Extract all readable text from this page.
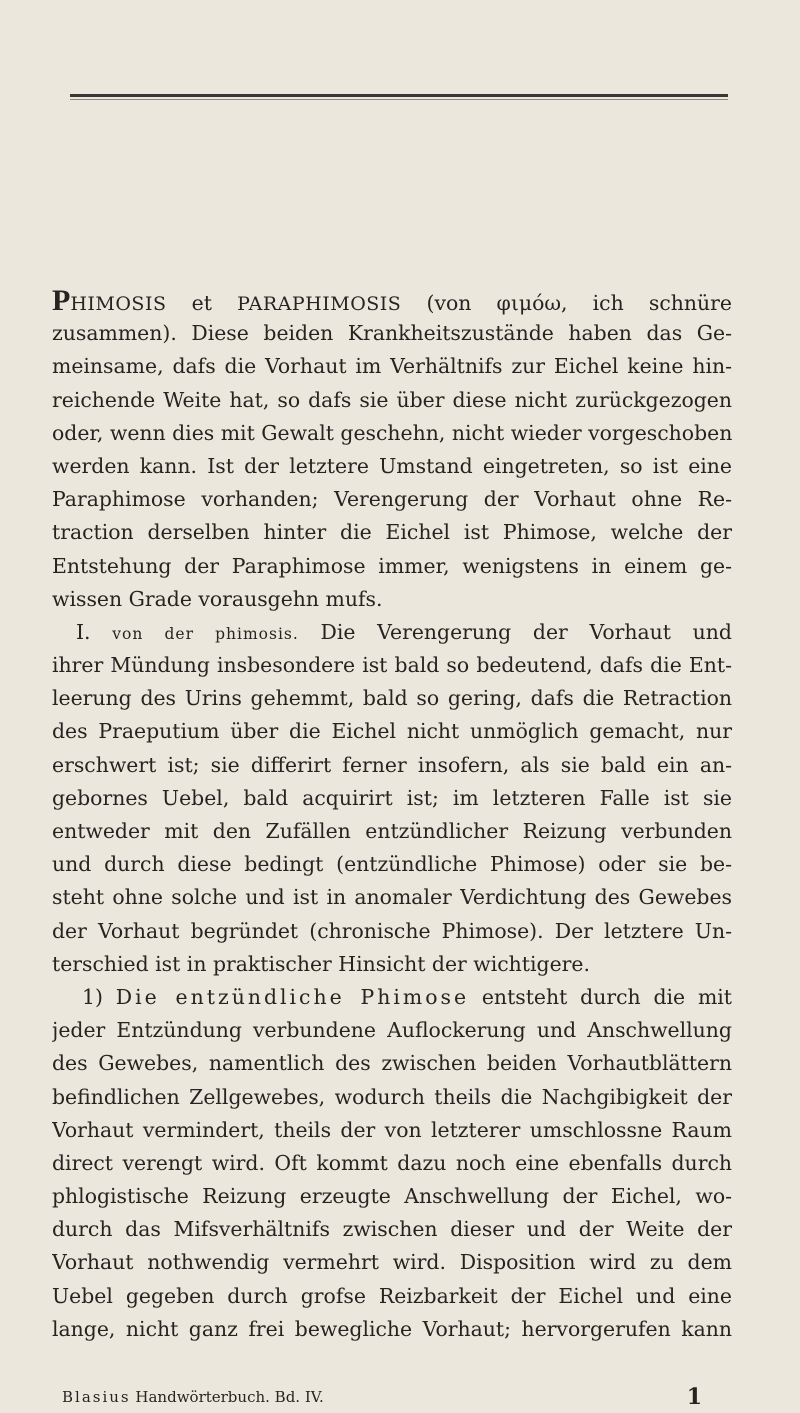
PHIMOSIS et PARAPHIMOSIS (von φιμόω, ich schnüre
zusammen). Diese beiden Krankheitszustände haben das Ge-
meinsame, dafs die Vorhaut im Verhältnifs zur Eichel keine hin-
reichende Weite hat, so dafs sie über diese nicht zurückgezogen
oder, wenn dies mit Gewalt geschehn, nicht wieder vorgeschoben
werden kann. Ist der letztere Umstand eingetreten, so ist eine
Paraphimose vorhanden; Verengerung der Vorhaut ohne Re-
traction derselben hinter die Eichel ist Phimose, welche der
Entstehung der Paraphimose immer, wenigstens in einem ge-
wissen Grade vorausgehn mufs.
I. von der phimosis. Die Verengerung der Vorhaut und
ihrer Mündung insbesondere ist bald so bedeutend, dafs die Ent-
leerung des Urins gehemmt, bald so gering, dafs die Retraction
des Praeputium über die Eichel nicht unmöglich gemacht, nur
erschwert ist; sie differirt ferner insofern, als sie bald ein an-
gebornes Uebel, bald acquirirt ist; im letzteren Falle ist sie
entweder mit den Zufällen entzündlicher Reizung verbunden
und durch diese bedingt (entzündliche Phimose) oder sie be-
steht ohne solche und ist in anomaler Verdichtung des Gewebes
der Vorhaut begründet (chronische Phimose). Der letztere Un-
terschied ist in praktischer Hinsicht der wichtigere.
1) Die entzündliche Phimose entsteht durch die mit
jeder Entzündung verbundene Auflockerung und Anschwellung
des Gewebes, namentlich des zwischen beiden Vorhautblättern
befindlichen Zellgewebes, wodurch theils die Nachgibigkeit der
Vorhaut vermindert, theils der von letzterer umschlossne Raum
direct verengt wird. Oft kommt dazu noch eine ebenfalls durch
phlogistische Reizung erzeugte Anschwellung der Eichel, wo-
durch das Mifsverhältnifs zwischen dieser und der Weite der
Vorhaut nothwendig vermehrt wird. Disposition wird zu dem
Uebel gegeben durch grofse Reizbarkeit der Eichel und eine
lange, nicht ganz frei bewegliche Vorhaut; hervorgerufen kann
Blasius Handwörterbuch. Bd. IV.	1
